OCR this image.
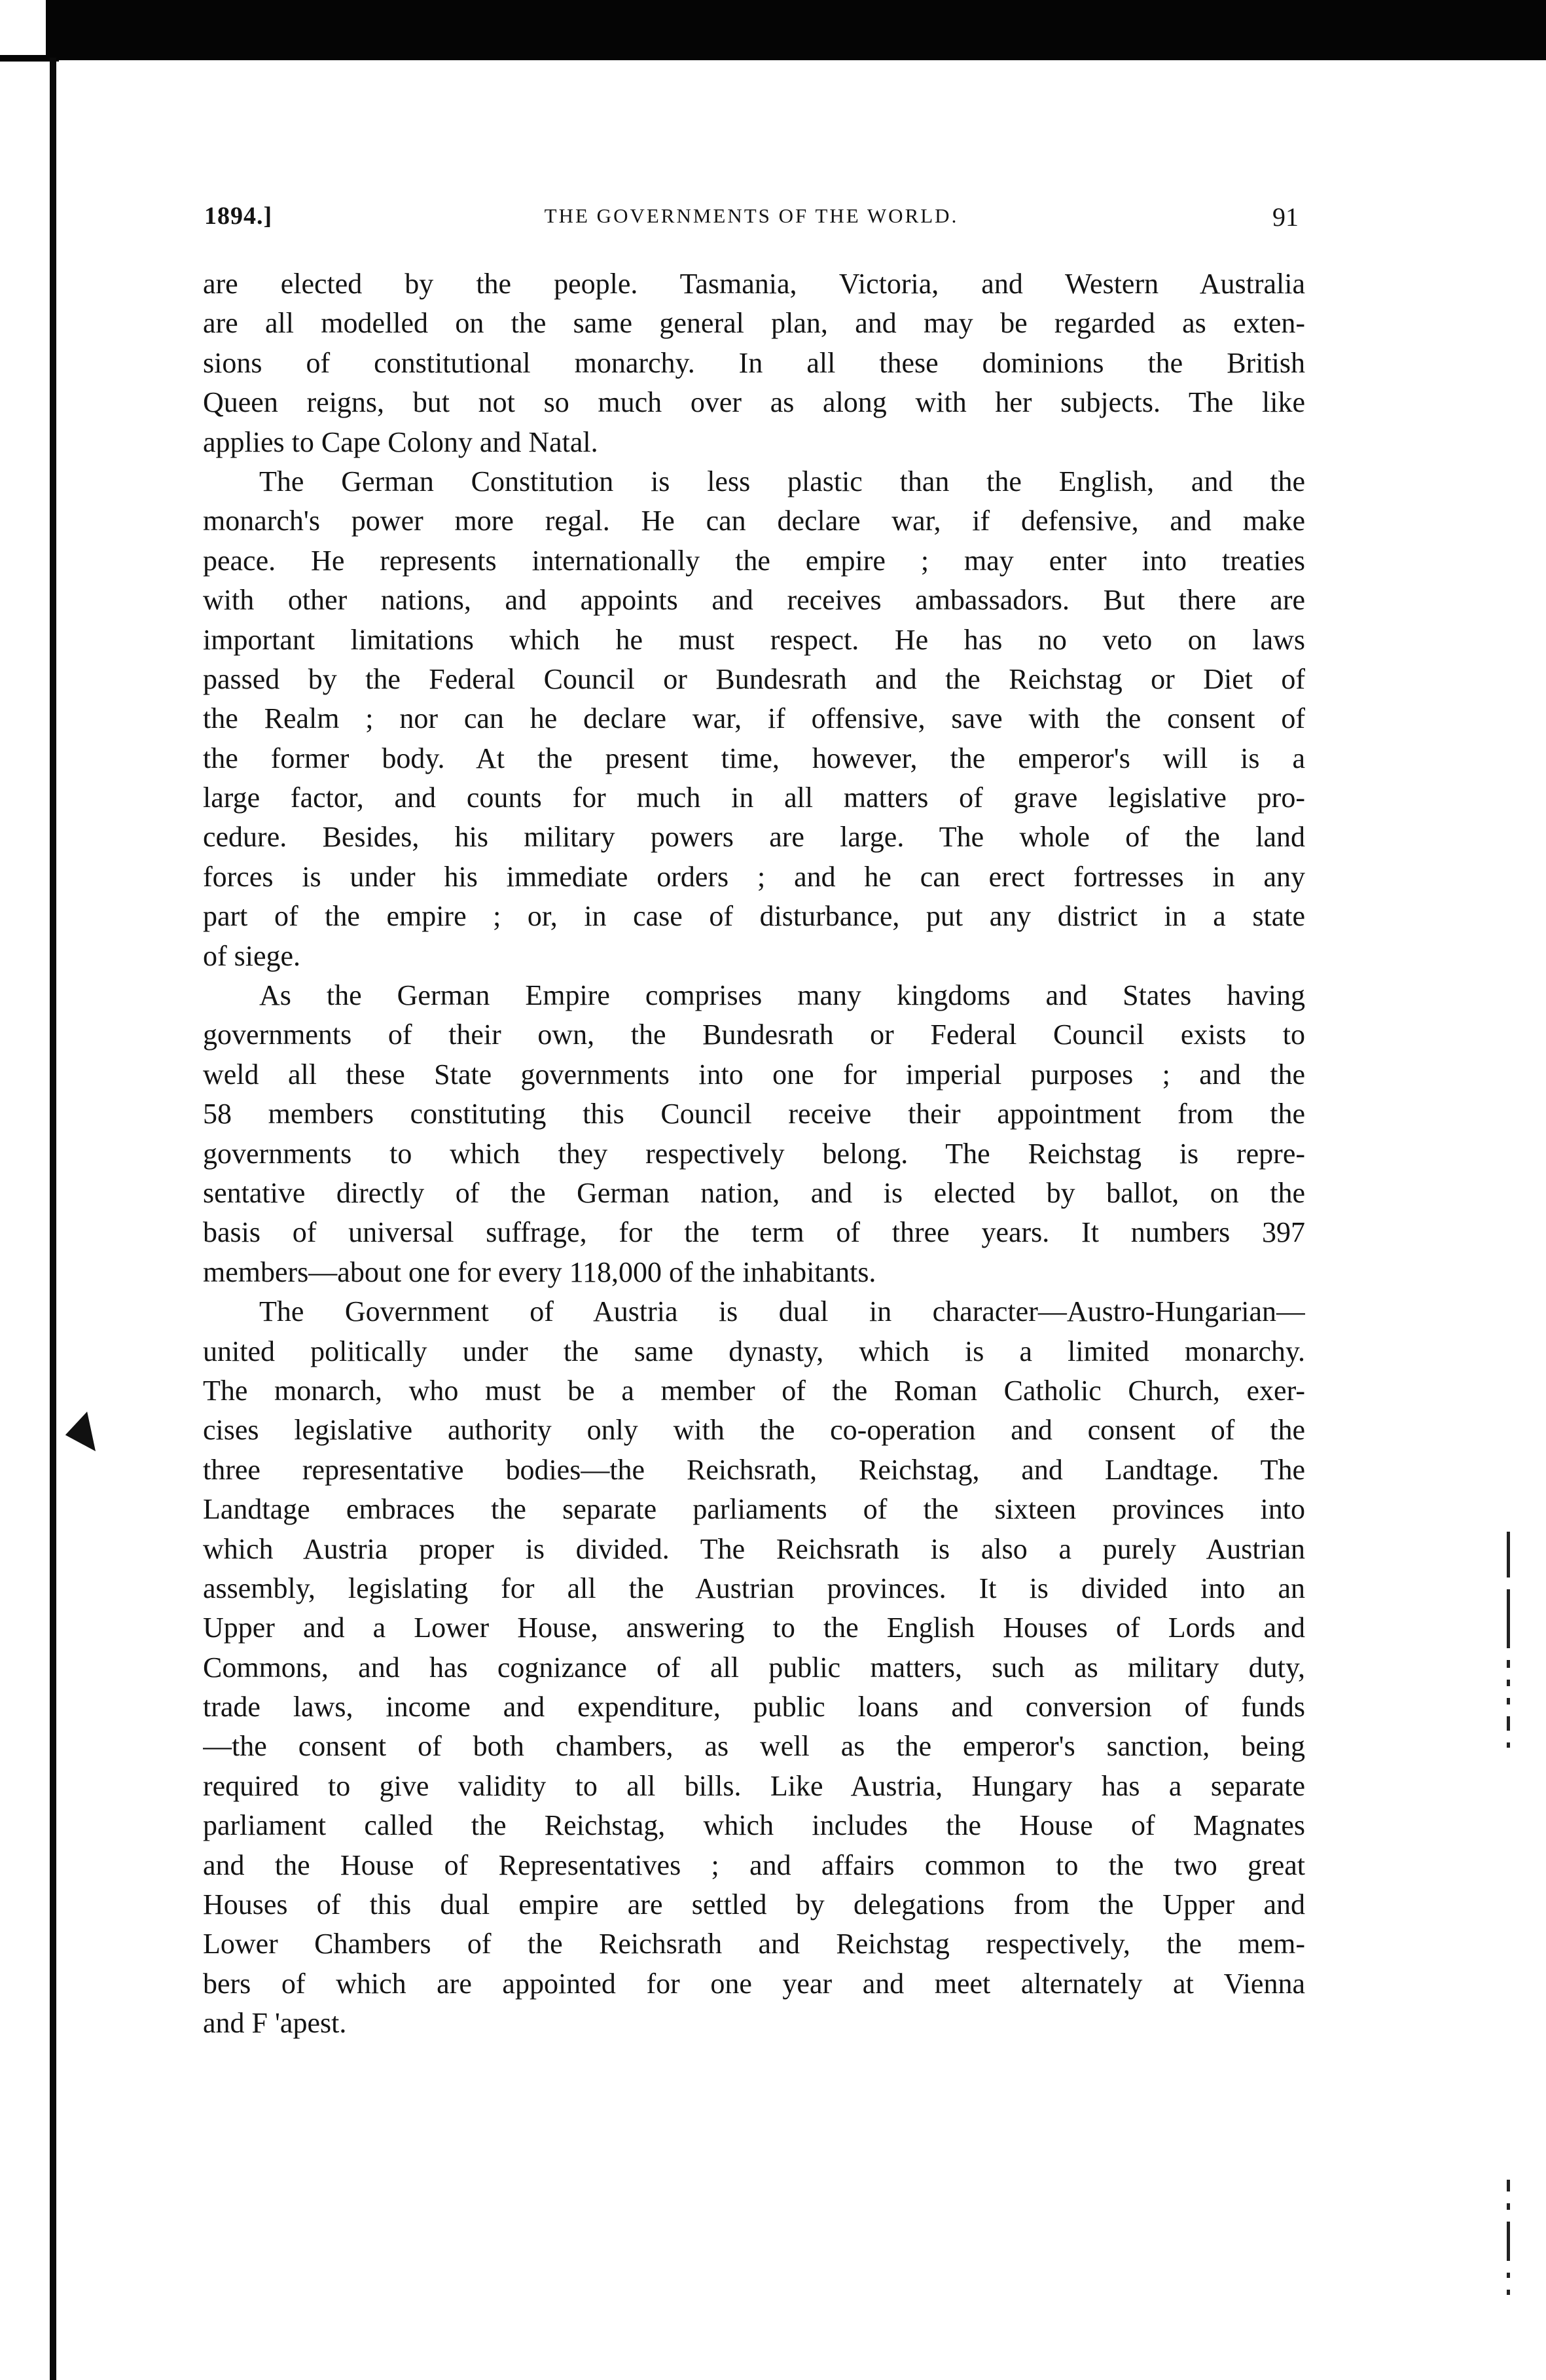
1894.]	THE GOVERNMENTS OF THE WORLD.	91
are elected by the people. Tasmania, Victoria, and Western Australia
are all modelled on the same general plan, and may be regarded as exten-
sions of constitutional monarchy. In all these dominions the British
Queen reigns, but not so much over as along with her subjects. The like
applies to Cape Colony and Natal.
The German Constitution is less plastic than the English, and the
monarch's power more regal. He can declare war, if defensive, and make
peace. He represents internationally the empire ; may enter into treaties
with other nations, and appoints and receives ambassadors. But there are
important limitations which he must respect. He has no veto on laws
passed by the Federal Council or Bundesrath and the Reichstag or Diet of
the Realm ; nor can he declare war, if offensive, save with the consent of
the former body. At the present time, however, the emperor's will is a
large factor, and counts for much in all matters of grave legislative pro-
cedure. Besides, his military powers are large. The whole of the land
forces is under his immediate orders ; and he can erect fortresses in any
part of the empire ; or, in case of disturbance, put any district in a state
of siege.
As the German Empire comprises many kingdoms and States having
governments of their own, the Bundesrath or Federal Council exists to
weld all these State governments into one for imperial purposes ; and the
58 members constituting this Council receive their appointment from the
governments to which they respectively belong. The Reichstag is repre-
sentative directly of the German nation, and is elected by ballot, on the
basis of universal suffrage, for the term of three years. It numbers 397
members—about one for every 118,000 of the inhabitants.
The Government of Austria is dual in character—Austro-Hungarian—
united politically under the same dynasty, which is a limited monarchy.
The monarch, who must be a member of the Roman Catholic Church, exer-
cises legislative authority only with the co-operation and consent of the
three representative bodies—the Reichsrath, Reichstag, and Landtage. The
Landtage embraces the separate parliaments of the sixteen provinces into
which Austria proper is divided. The Reichsrath is also a purely Austrian
assembly, legislating for all the Austrian provinces. It is divided into an
Upper and a Lower House, answering to the English Houses of Lords and
Commons, and has cognizance of all public matters, such as military duty,
trade laws, income and expenditure, public loans and conversion of funds
—the consent of both chambers, as well as the emperor's sanction, being
required to give validity to all bills. Like Austria, Hungary has a separate
parliament called the Reichstag, which includes the House of Magnates
and the House of Representatives ; and affairs common to the two great
Houses of this dual empire are settled by delegations from the Upper and
Lower Chambers of the Reichsrath and Reichstag respectively, the mem-
bers of which are appointed for one year and meet alternately at Vienna
and F 'apest.
